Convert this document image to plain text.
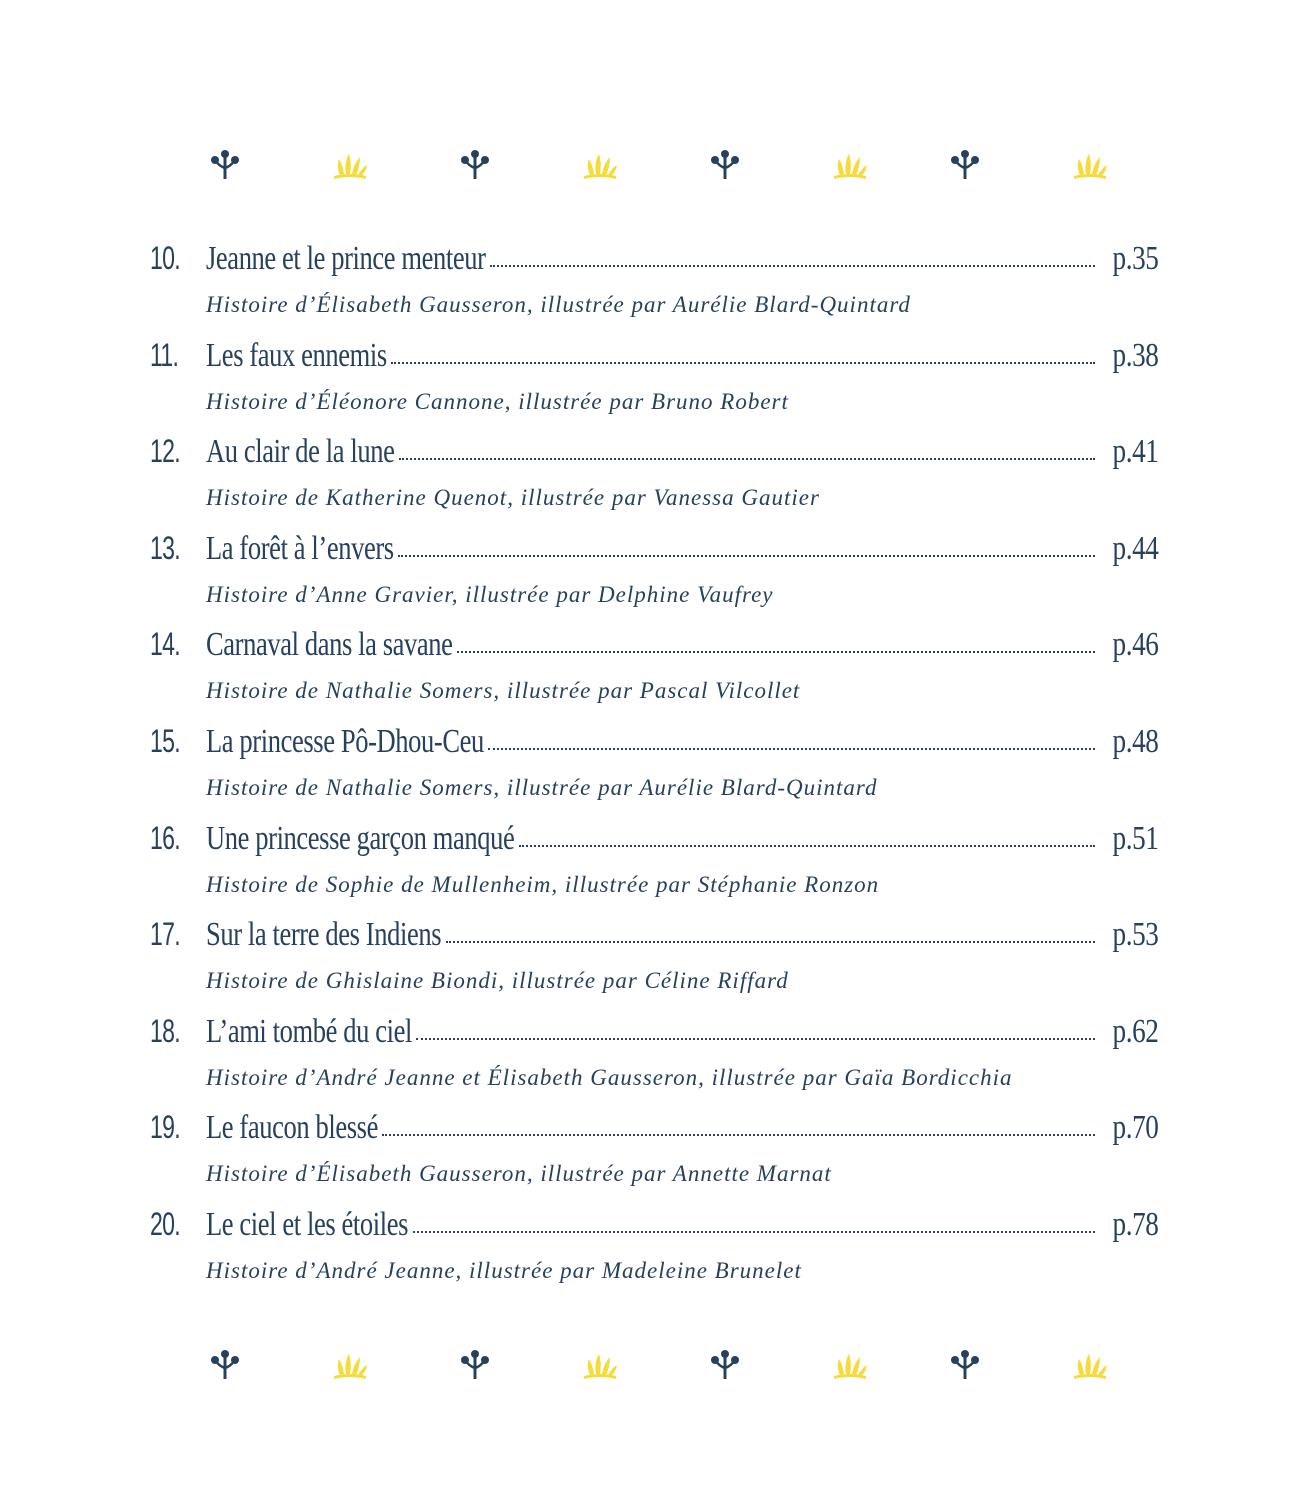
10. Jeanne et le prince menteur	p.35
Histoire d’Élisabeth Gausseron, illustrée par Aurélie Blard-Quintard
11. Les faux ennemis	p.38
Histoire d’Éléonore Cannone, illustrée par Bruno Robert
12. Au clair de la lune	p.41
Histoire de Katherine Quenot, illustrée par Vanessa Gautier
13. La forêt à l’envers	p.44
Histoire d’Anne Gravier, illustrée par Delphine Vaufrey
14. Carnaval dans la savane	p.46
Histoire de Nathalie Somers, illustrée par Pascal Vilcollet
15. La princesse Pô-Dhou-Ceu	p.48
Histoire de Nathalie Somers, illustrée par Aurélie Blard-Quintard
16. Une princesse garçon manqué	p.51
Histoire de Sophie de Mullenheim, illustrée par Stéphanie Ronzon
17. Sur la terre des Indiens	p.53
Histoire de Ghislaine Biondi, illustrée par Céline Riffard
18. L’ami tombé du ciel	p.62
Histoire d’André Jeanne et Élisabeth Gausseron, illustrée par Gaïa Bordicchia
19. Le faucon blessé	p.70
Histoire d’Élisabeth Gausseron, illustrée par Annette Marnat
20. Le ciel et les étoiles	p.78
Histoire d’André Jeanne, illustrée par Madeleine Brunelet
